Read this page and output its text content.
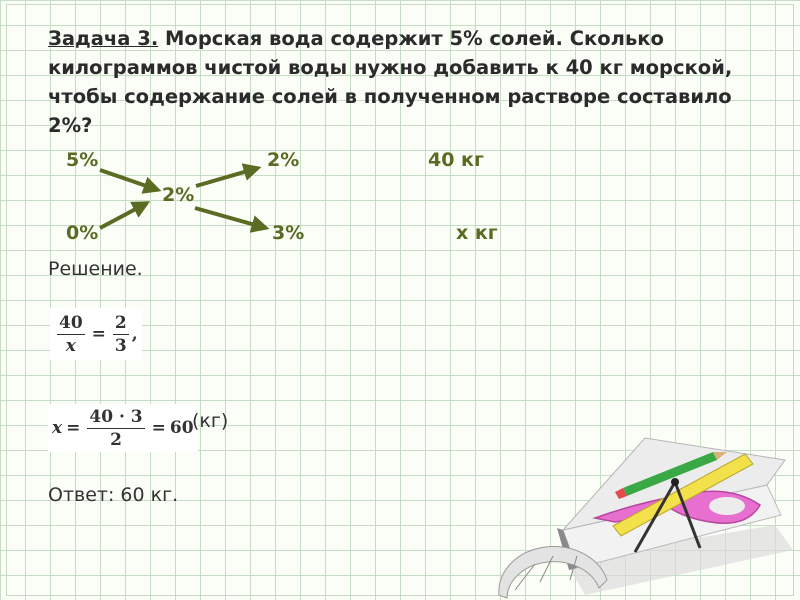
Задача 3. Морская вода содержит 5% солей. Сколько килограммов чистой воды нужно добавить к 40 кг морской, чтобы содержание солей в полученном растворе составило 2%?

5%
0%
2%
2%
3%
40 кг
х кг
Решение.
$\frac{40}{x} = \frac{2}{3}$ ,
$x = \frac{40 \cdot 3}{2} = 60$
(кг)
Ответ: 60 кг.
